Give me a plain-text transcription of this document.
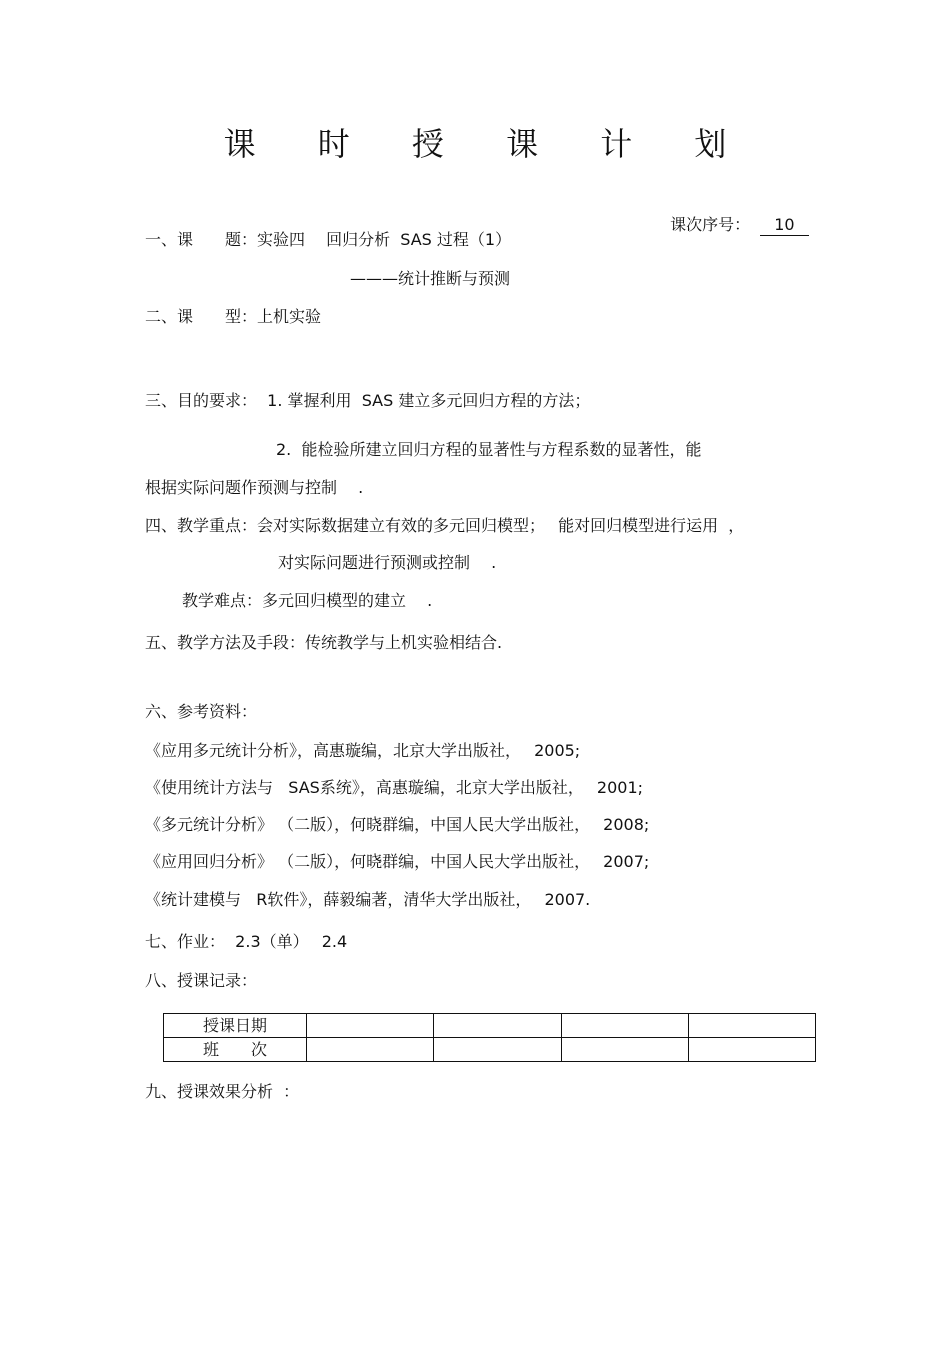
课 时 授 课 计 划

课次序号： 10

一、课　　题：实验四　 回归分析  SAS 过程（1）
———统计推断与预测
二、课　　型：上机实验
三、目的要求：  1. 掌握利用  SAS 建立多元回归方程的方法；
2.  能检验所建立回归方程的显著性与方程系数的显著性，能
根据实际问题作预测与控制 　.
四、教学重点：会对实际数据建立有效的多元回归模型；　 能对回归模型进行运用  ，
对实际问题进行预测或控制 　.
教学难点：多元回归模型的建立 　.
五、教学方法及手段：传统教学与上机实验相结合.
六、参考资料：
《应用多元统计分析》，高惠璇编，北京大学出版社，　 2005;
《使用统计方法与   SAS系统》，高惠璇编，北京大学出版社，　 2001;
《多元统计分析》 （二版），何晓群编，中国人民大学出版社，　 2008;
《应用回归分析》 （二版），何晓群编，中国人民大学出版社，　 2007;
《统计建模与   R软件》，薛毅编著，清华大学出版社，　 2007.
七、作业：  2.3（单）　 2.4
八、授课记录：
授课日期				
班　　次				
九、授课效果分析  ：
